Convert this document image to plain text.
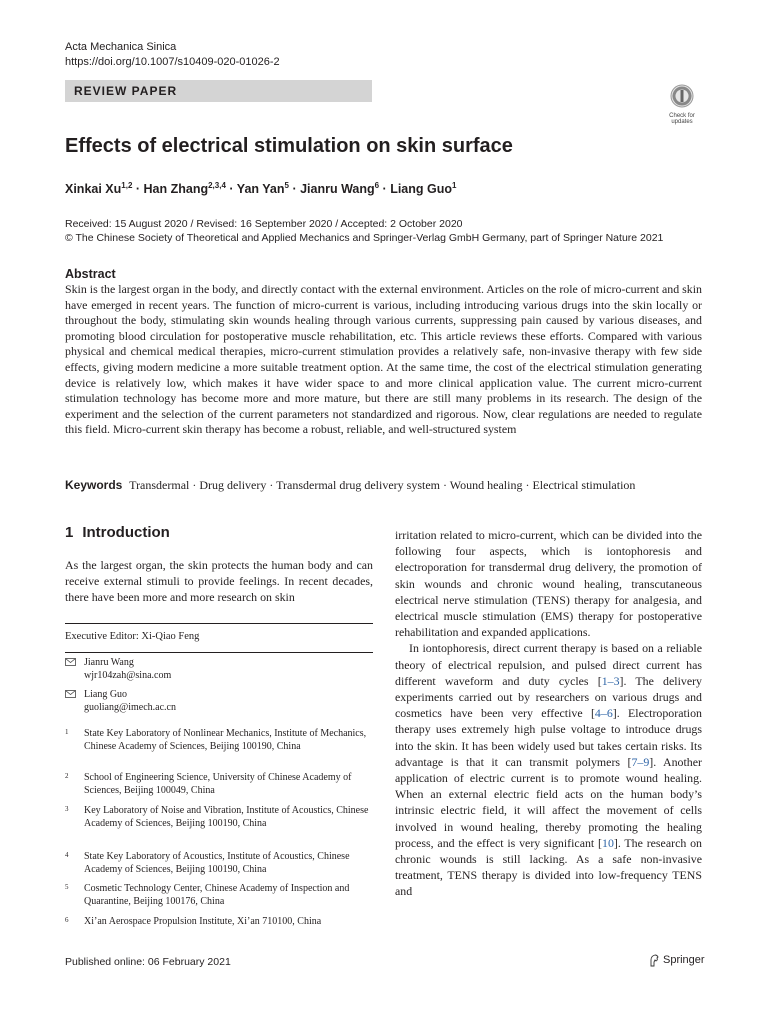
Acta Mechanica Sinica
https://doi.org/10.1007/s10409-020-01026-2
REVIEW PAPER
Check for
updates
Effects of electrical stimulation on skin surface
Xinkai Xu$^{1,2}$ · Han Zhang$^{2,3,4}$ · Yan Yan$^5$ · Jianru Wang$^6$ · Liang Guo$^1$
Received: 15 August 2020 / Revised: 16 September 2020 / Accepted: 2 October 2020
© The Chinese Society of Theoretical and Applied Mechanics and Springer-Verlag GmbH Germany, part of Springer Nature 2021
Abstract
Skin is the largest organ in the body, and directly contact with the external environment. Articles on the role of micro-current and skin have emerged in recent years. The function of micro-current is various, including introducing various drugs into the skin locally or throughout the body, stimulating skin wounds healing through various currents, suppressing pain caused by various diseases, and promoting blood circulation for postoperative muscle rehabilitation, etc. This article reviews these efforts. Compared with various physical and chemical medical therapies, micro-current stimulation provides a relatively safe, non-invasive therapy with few side effects, giving modern medicine a more suitable treatment option. At the same time, the cost of the electrical stimulation generating device is relatively low, which makes it have wider space to and more clinical application value. The current micro-current stimulation technology has become more and more mature, but there are still many problems in its research. The design of the experiment and the selection of the current parameters not standardized and rigorous. Now, clear regulations are needed to regulate this field. Micro-current skin therapy has become a robust, reliable, and well-structured system
Keywords Transdermal · Drug delivery · Transdermal drug delivery system · Wound healing · Electrical stimulation
1 Introduction
As the largest organ, the skin protects the human body and can receive external stimuli to provide feelings. In recent decades, there have been more and more research on skin
Executive Editor: Xi-Qiao Feng
Jianru Wang
wjr104zah@sina.com
Liang Guo
guoliang@imech.ac.cn
1 State Key Laboratory of Nonlinear Mechanics, Institute of Mechanics, Chinese Academy of Sciences, Beijing 100190, China
2 School of Engineering Science, University of Chinese Academy of Sciences, Beijing 100049, China
3 Key Laboratory of Noise and Vibration, Institute of Acoustics, Chinese Academy of Sciences, Beijing 100190, China
4 State Key Laboratory of Acoustics, Institute of Acoustics, Chinese Academy of Sciences, Beijing 100190, China
5 Cosmetic Technology Center, Chinese Academy of Inspection and Quarantine, Beijing 100176, China
6 Xi’an Aerospace Propulsion Institute, Xi’an 710100, China

irritation related to micro-current, which can be divided into the following four aspects, which is iontophoresis and electroporation for transdermal drug delivery, the promotion of skin wounds and chronic wound healing, transcutaneous electrical nerve stimulation (TENS) therapy for analgesia, and electrical muscle stimulation (EMS) therapy for postoperative rehabilitation and expanded applications.

In iontophoresis, direct current therapy is based on a reliable theory of electrical repulsion, and pulsed direct current has different waveform and duty cycles [1–3]. The delivery experiments carried out by researchers on various drugs and cosmetics have been very effective [4–6]. Electroporation therapy uses extremely high pulse voltage to introduce drugs into the skin. It has been widely used but takes certain risks. Its advantage is that it can transmit polymers [7–9]. Another application of electric current is to promote wound healing. When an external electric field acts on the human body’s intrinsic electric field, it will affect the movement of cells involved in wound healing, thereby promoting the healing process, and the effect is very significant [10]. The research on chronic wounds is still lacking. As a safe non-invasive treatment, TENS therapy is divided into low-frequency TENS and

Published online: 06 February 2021	Springer
